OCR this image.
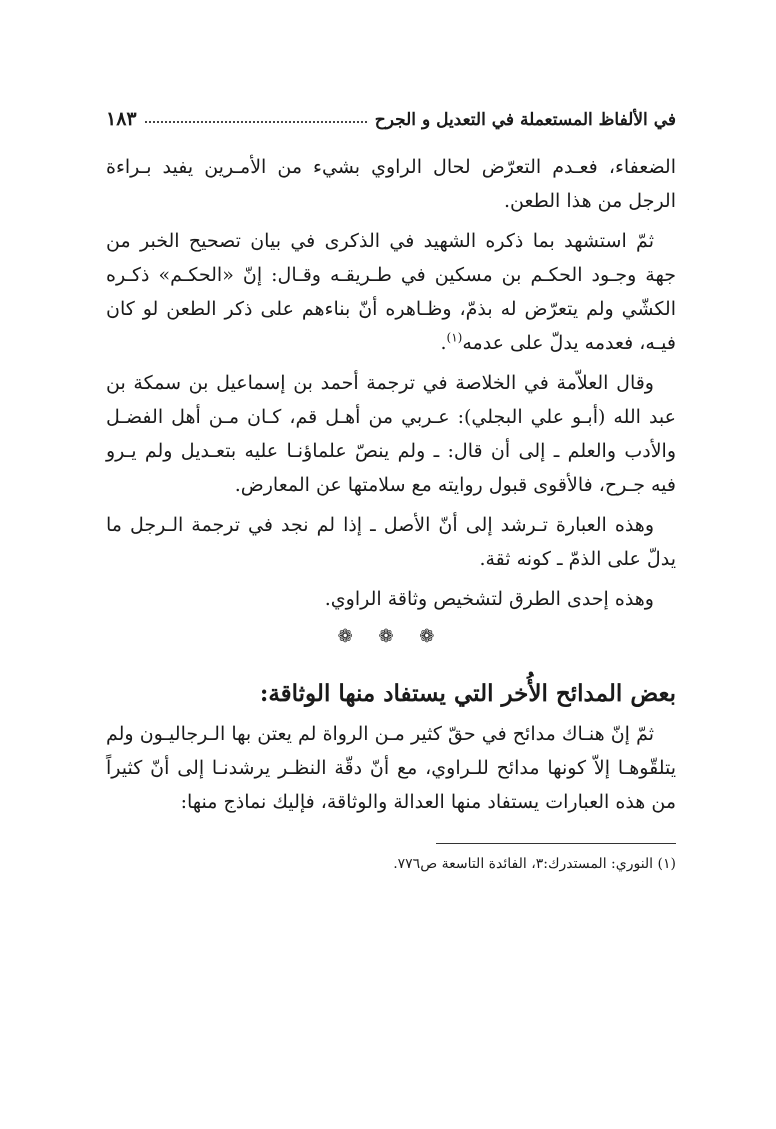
في الألفاظ المستعملة في التعديل و الجرح
١٨٣

الضعفاء، فعـدم التعرّض لحال الراوي بشيء من الأمـرين يفيد بـراءة الرجل من هذا الطعن.

ثمّ استشهد بما ذكره الشهيد في الذكرى في بيان تصحيح الخبر من جهة وجـود الحكـم بن مسكين في طـريقـه وقـال: إنّ «الحكـم» ذكـره الكشّي ولم يتعرّض له بذمّ، وظـاهره أنّ بناءهم على ذكر الطعن لو كان فيـه، فعدمه يدلّ على عدمه$^{(١)}$.

وقال العلاّمة في الخلاصة في ترجمة أحمد بن إسماعيل بن سمكة بن عبد الله (أبـو علي البجلي): عـربي من أهـل قم، كـان مـن أهل الفضـل والأدب والعلم ـ إلى أن قال: ـ ولم ينصّ علماؤنـا عليه بتعـديل ولم يـرو فيه جـرح، فالأقوى قبول روايته مع سلامتها عن المعارض.

وهذه العبارة تـرشد إلى أنّ الأصل ـ إذا لم نجد في ترجمة الـرجل ما يدلّ على الذمّ ـ كونه ثقة.

وهذه إحدى الطرق لتشخيص وثاقة الراوي.

❁ ❁ ❁
بعض المدائح الأُخر التي يستفاد منها الوثاقة:

ثمّ إنّ هنـاك مدائح في حقّ كثير مـن الرواة لم يعتن بها الـرجاليـون ولم يتلقّوهـا إلاّ كونها مدائح للـراوي، مع أنّ دقّة النظـر يرشدنـا إلى أنّ كثيراً من هذه العبارات يستفاد منها العدالة والوثاقة، فإليك نماذج منها:

(١) النوري: المستدرك:٣، الفائدة التاسعة ص٧٧٦.
